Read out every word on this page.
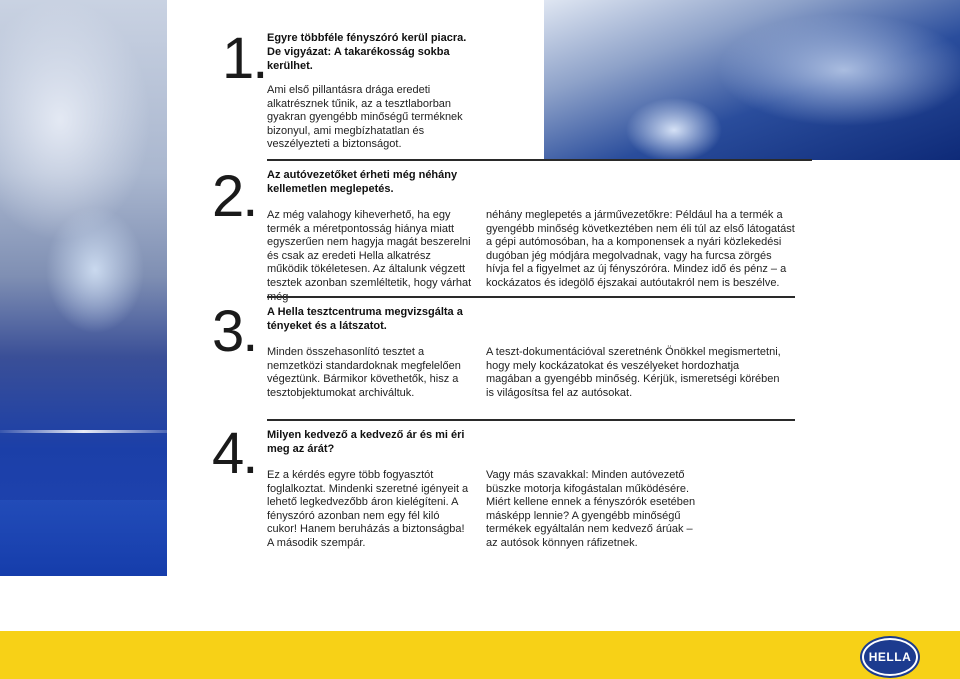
1. Egyre többféle fényszóró kerül piacra. De vigyázat: A takarékosság sokba kerülhet.

Ami első pillantásra drága eredeti alkatrésznek tűnik, az a tesztlaborban gyakran gyengébb minőségű terméknek bizonyul, ami megbízhatatlan és veszélyezteti a biztonságot.

2. Az autóvezetőket érheti még néhány kellemetlen meglepetés.

Az még valahogy kiheverhető, ha egy termék a méretpontosság hiánya miatt egyszerűen nem hagyja magát beszerelni és csak az eredeti Hella alkatrész működik tökéletesen. Az általunk végzett tesztek azonban szemléltetik, hogy várhat

néhány meglepetés a járművezetőkre: Például ha a termék a gyengébb minőség következtében nem éli túl az első látogatást a gépi autómosóban, ha a komponensek a nyári közlekedési dugóban jég módjára megolvadnak, vagy ha furcsa zörgés hívja fel a figyelmet az új fényszóróra. Mindez idő és pénz – a kockázatos és idegölő éjszakai autóutakról nem is beszélve.

3. A Hella tesztcentruma megvizsgálta a tényeket és a látszatot.

Minden összehasonlító tesztet a nemzetközi standardoknak megfelelően végeztünk. Bármikor követhetők, hisz a tesztobjektumokat archiváltuk.

A teszt-dokumentációval szeretnénk Önökkel megismertetni, hogy mely kockázatokat és veszélyeket hordozhatja magában a gyengébb minőség. Kérjük, ismeretségi körében is világosítsa fel az autósokat.

4. Milyen kedvező a kedvező ár és mi éri meg az árát?

Ez a kérdés egyre több fogyasztót foglalkoztat. Mindenki szeretné igényeit a lehető legkedvezőbb áron kielégíteni. A fényszóró azonban nem egy fél kiló cukor! Hanem beruházás a biztonságba! A második szempár.

Vagy más szavakkal: Minden autóvezető büszke motorja kifogástalan működésére. Miért kellene ennek a fényszórók esetében másképp lennie? A gyengébb minőségű termékek egyáltalán nem kedvező árúak – az autósok könnyen ráfizetnek.

HELLA
